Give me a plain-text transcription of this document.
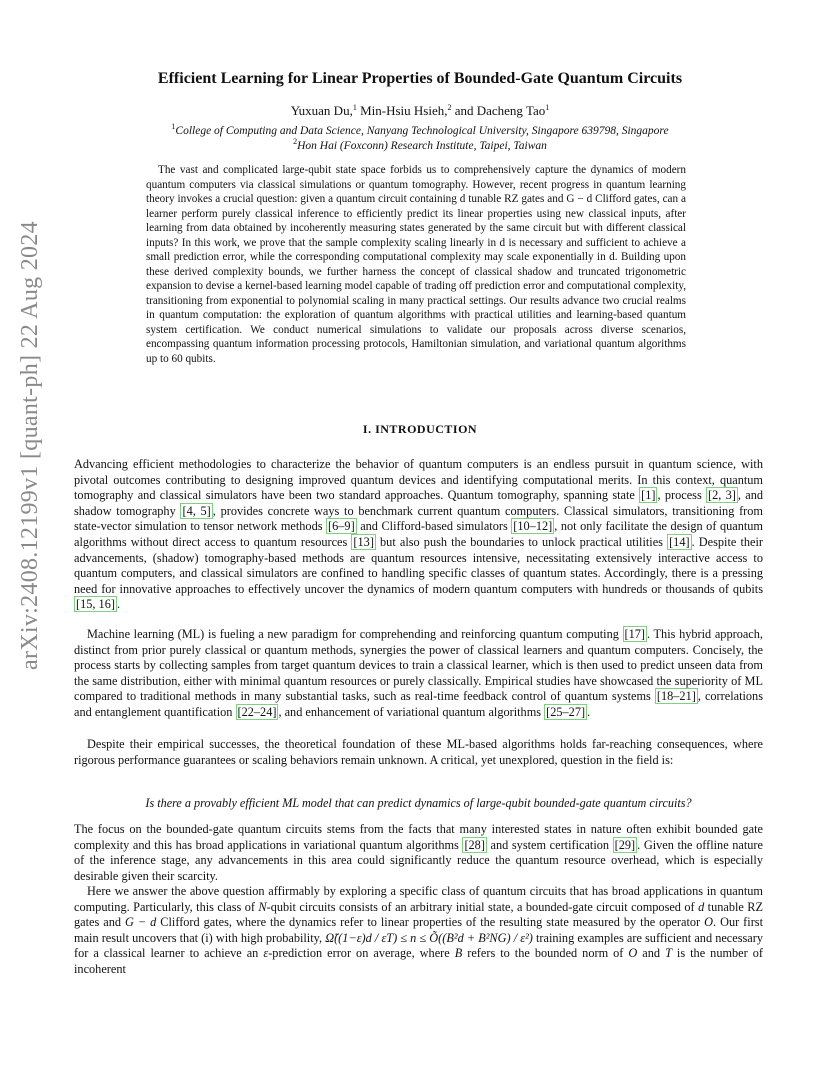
arXiv:2408.12199v1 [quant-ph] 22 Aug 2024
Efficient Learning for Linear Properties of Bounded-Gate Quantum Circuits
Yuxuan Du,$^1$ Min-Hsiu Hsieh,$^2$ and Dacheng Tao$^1$
$^1$College of Computing and Data Science, Nanyang Technological University, Singapore 639798, Singapore
$^2$Hon Hai (Foxconn) Research Institute, Taipei, Taiwan
The vast and complicated large-qubit state space forbids us to comprehensively capture the dynamics of modern quantum computers via classical simulations or quantum tomography. However, recent progress in quantum learning theory invokes a crucial question: given a quantum circuit containing d tunable RZ gates and G − d Clifford gates, can a learner perform purely classical inference to efficiently predict its linear properties using new classical inputs, after learning from data obtained by incoherently measuring states generated by the same circuit but with different classical inputs? In this work, we prove that the sample complexity scaling linearly in d is necessary and sufficient to achieve a small prediction error, while the corresponding computational complexity may scale exponentially in d. Building upon these derived complexity bounds, we further harness the concept of classical shadow and truncated trigonometric expansion to devise a kernel-based learning model capable of trading off prediction error and computational complexity, transitioning from exponential to polynomial scaling in many practical settings. Our results advance two crucial realms in quantum computation: the exploration of quantum algorithms with practical utilities and learning-based quantum system certification. We conduct numerical simulations to validate our proposals across diverse scenarios, encompassing quantum information processing protocols, Hamiltonian simulation, and variational quantum algorithms up to 60 qubits.
I. INTRODUCTION

Advancing efficient methodologies to characterize the behavior of quantum computers is an endless pursuit in quantum science, with pivotal outcomes contributing to designing improved quantum devices and identifying computational merits. In this context, quantum tomography and classical simulators have been two standard approaches. Quantum tomography, spanning state [1] , process [2, 3] , and shadow tomography [4, 5] , provides concrete ways to benchmark current quantum computers. Classical simulators, transitioning from state-vector simulation to tensor network methods [6–9] and Clifford-based simulators [10–12] , not only facilitate the design of quantum algorithms without direct access to quantum resources [13] but also push the boundaries to unlock practical utilities [14] . Despite their advancements, (shadow) tomography-based methods are quantum resources intensive, necessitating extensively interactive access to quantum computers, and classical simulators are confined to handling specific classes of quantum states. Accordingly, there is a pressing need for innovative approaches to effectively uncover the dynamics of modern quantum computers with hundreds or thousands of qubits [15, 16] .

Machine learning (ML) is fueling a new paradigm for comprehending and reinforcing quantum computing [17] . This hybrid approach, distinct from prior purely classical or quantum methods, synergies the power of classical learners and quantum computers. Concisely, the process starts by collecting samples from target quantum devices to train a classical learner, which is then used to predict unseen data from the same distribution, either with minimal quantum resources or purely classically. Empirical studies have showcased the superiority of ML compared to traditional methods in many substantial tasks, such as real-time feedback control of quantum systems [18–21] , correlations and entanglement quantification [22–24] , and enhancement of variational quantum algorithms [25–27] .

Despite their empirical successes, the theoretical foundation of these ML-based algorithms holds far-reaching consequences, where rigorous performance guarantees or scaling behaviors remain unknown. A critical, yet unexplored, question in the field is:

Is there a provably efficient ML model that can predict dynamics of large-qubit bounded-gate quantum circuits?

The focus on the bounded-gate quantum circuits stems from the facts that many interested states in nature often exhibit bounded gate complexity and this has broad applications in variational quantum algorithms [28] and system certification [29] . Given the offline nature of the inference stage, any advancements in this area could significantly reduce the quantum resource overhead, which is especially desirable given their scarcity.

Here we answer the above question affirmably by exploring a specific class of quantum circuits that has broad applications in quantum computing. Particularly, this class of N-qubit circuits consists of an arbitrary initial state, a bounded-gate circuit composed of d tunable RZ gates and G − d Clifford gates, where the dynamics refer to linear properties of the resulting state measured by the operator O. Our first main result uncovers that (i) with high probability, Ω̃((1−ε)d / εT) ≤ n ≤ Õ((B²d + B²NG) / ε²) training examples are sufficient and necessary for a classical learner to achieve an ε-prediction error on average, where B refers to the bounded norm of O and T is the number of incoherent
